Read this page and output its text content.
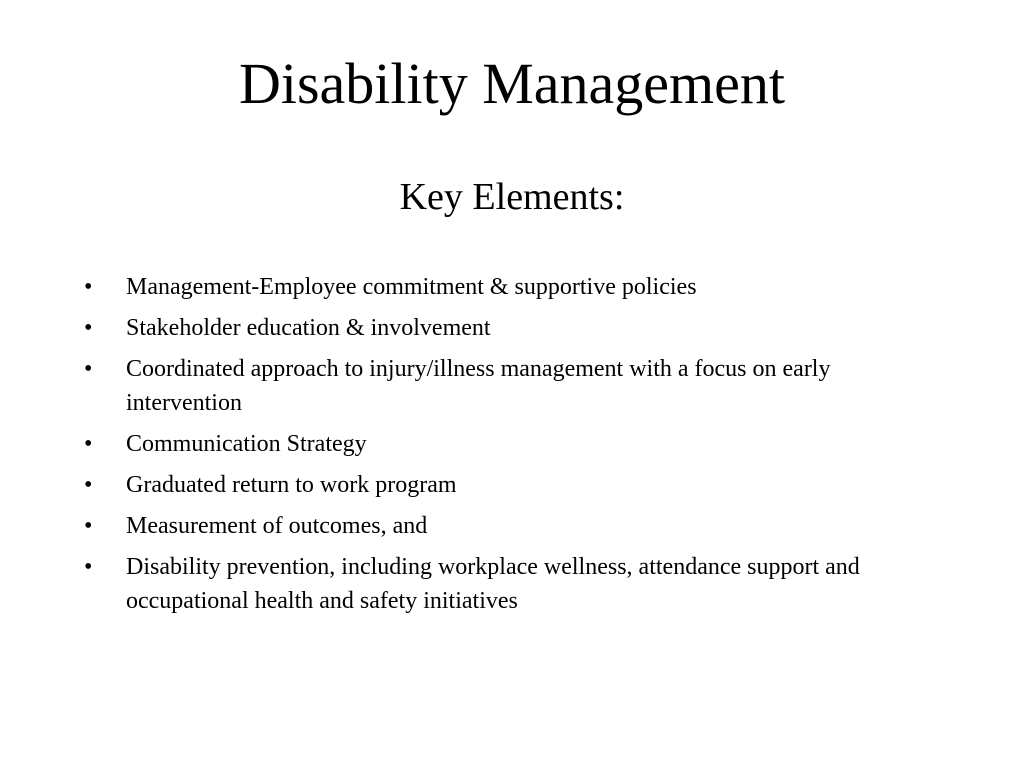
Disability Management
Key Elements:
• Management-Employee commitment & supportive policies
• Stakeholder education & involvement
• Coordinated approach to injury/illness management with a focus on early intervention
• Communication Strategy
• Graduated return to work program
• Measurement of outcomes, and
• Disability prevention, including workplace wellness, attendance support and occupational health and safety initiatives
